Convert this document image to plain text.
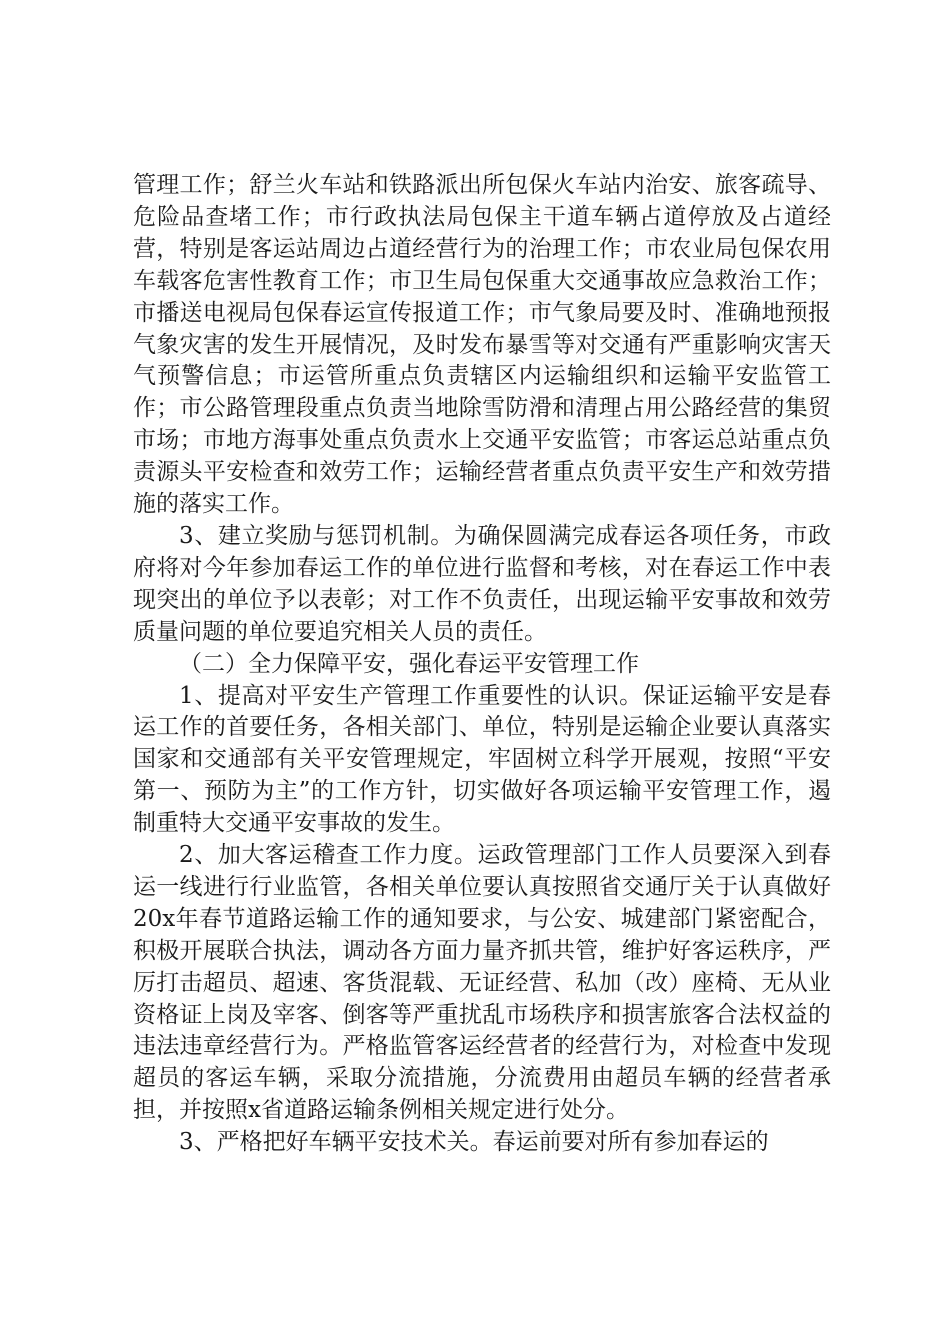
管理工作；舒兰火车站和铁路派出所包保火车站内治安、旅客疏导、危险品查堵工作；市行政执法局包保主干道车辆占道停放及占道经营，特别是客运站周边占道经营行为的治理工作；市农业局包保农用车载客危害性教育工作；市卫生局包保重大交通事故应急救治工作；市播送电视局包保春运宣传报道工作；市气象局要及时、准确地预报气象灾害的发生开展情况，及时发布暴雪等对交通有严重影响灾害天气预警信息；市运管所重点负责辖区内运输组织和运输平安监管工作；市公路管理段重点负责当地除雪防滑和清理占用公路经营的集贸市场；市地方海事处重点负责水上交通平安监管；市客运总站重点负责源头平安检查和效劳工作；运输经营者重点负责平安生产和效劳措施的落实工作。

3、建立奖励与惩罚机制。为确保圆满完成春运各项任务，市政府将对今年参加春运工作的单位进行监督和考核，对在春运工作中表现突出的单位予以表彰；对工作不负责任，出现运输平安事故和效劳质量问题的单位要追究相关人员的责任。

（二）全力保障平安，强化春运平安管理工作

1、提高对平安生产管理工作重要性的认识。保证运输平安是春运工作的首要任务，各相关部门、单位，特别是运输企业要认真落实国家和交通部有关平安管理规定，牢固树立科学开展观，按照“平安第一、预防为主”的工作方针，切实做好各项运输平安管理工作，遏制重特大交通平安事故的发生。

2、加大客运稽查工作力度。运政管理部门工作人员要深入到春运一线进行行业监管，各相关单位要认真按照省交通厅关于认真做好20x年春节道路运输工作的通知要求，与公安、城建部门紧密配合，积极开展联合执法，调动各方面力量齐抓共管，维护好客运秩序，严厉打击超员、超速、客货混载、无证经营、私加（改）座椅、无从业资格证上岗及宰客、倒客等严重扰乱市场秩序和损害旅客合法权益的违法违章经营行为。严格监管客运经营者的经营行为，对检查中发现超员的客运车辆，采取分流措施，分流费用由超员车辆的经营者承担，并按照x省道路运输条例相关规定进行处分。

3、严格把好车辆平安技术关。春运前要对所有参加春运的
